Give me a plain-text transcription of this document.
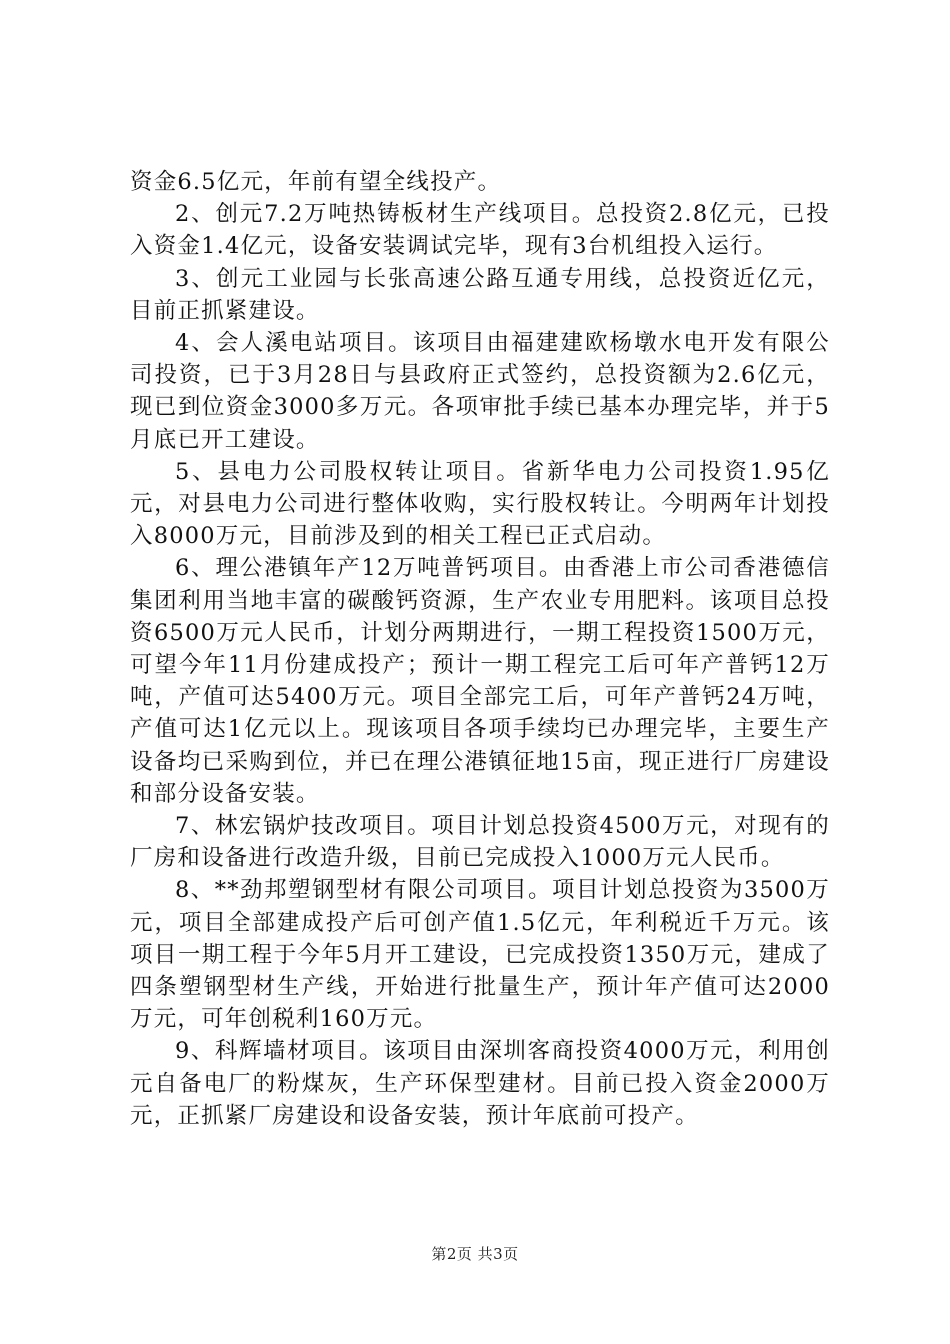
资金6.5亿元，年前有望全线投产。

2、创元7.2万吨热铸板材生产线项目。总投资2.8亿元，已投入资金1.4亿元，设备安装调试完毕，现有3台机组投入运行。

3、创元工业园与长张高速公路互通专用线，总投资近亿元，目前正抓紧建设。

4、会人溪电站项目。该项目由福建建欧杨墩水电开发有限公司投资，已于3月28日与县政府正式签约，总投资额为2.6亿元，现已到位资金3000多万元。各项审批手续已基本办理完毕，并于5月底已开工建设。

5、县电力公司股权转让项目。省新华电力公司投资1.95亿元，对县电力公司进行整体收购，实行股权转让。今明两年计划投入8000万元，目前涉及到的相关工程已正式启动。

6、理公港镇年产12万吨普钙项目。由香港上市公司香港德信集团利用当地丰富的碳酸钙资源，生产农业专用肥料。该项目总投资6500万元人民币，计划分两期进行，一期工程投资1500万元，可望今年11月份建成投产；预计一期工程完工后可年产普钙12万吨，产值可达5400万元。项目全部完工后，可年产普钙24万吨，产值可达1亿元以上。现该项目各项手续均已办理完毕，主要生产设备均已采购到位，并已在理公港镇征地15亩，现正进行厂房建设和部分设备安装。

7、林宏锅炉技改项目。项目计划总投资4500万元，对现有的厂房和设备进行改造升级，目前已完成投入1000万元人民币。

8、**劲邦塑钢型材有限公司项目。项目计划总投资为3500万元，项目全部建成投产后可创产值1.5亿元，年利税近千万元。该项目一期工程于今年5月开工建设，已完成投资1350万元，建成了四条塑钢型材生产线，开始进行批量生产，预计年产值可达2000万元，可年创税利160万元。

9、科辉墙材项目。该项目由深圳客商投资4000万元，利用创元自备电厂的粉煤灰，生产环保型建材。目前已投入资金2000万元，正抓紧厂房建设和设备安装，预计年底前可投产。

第2页 共3页
